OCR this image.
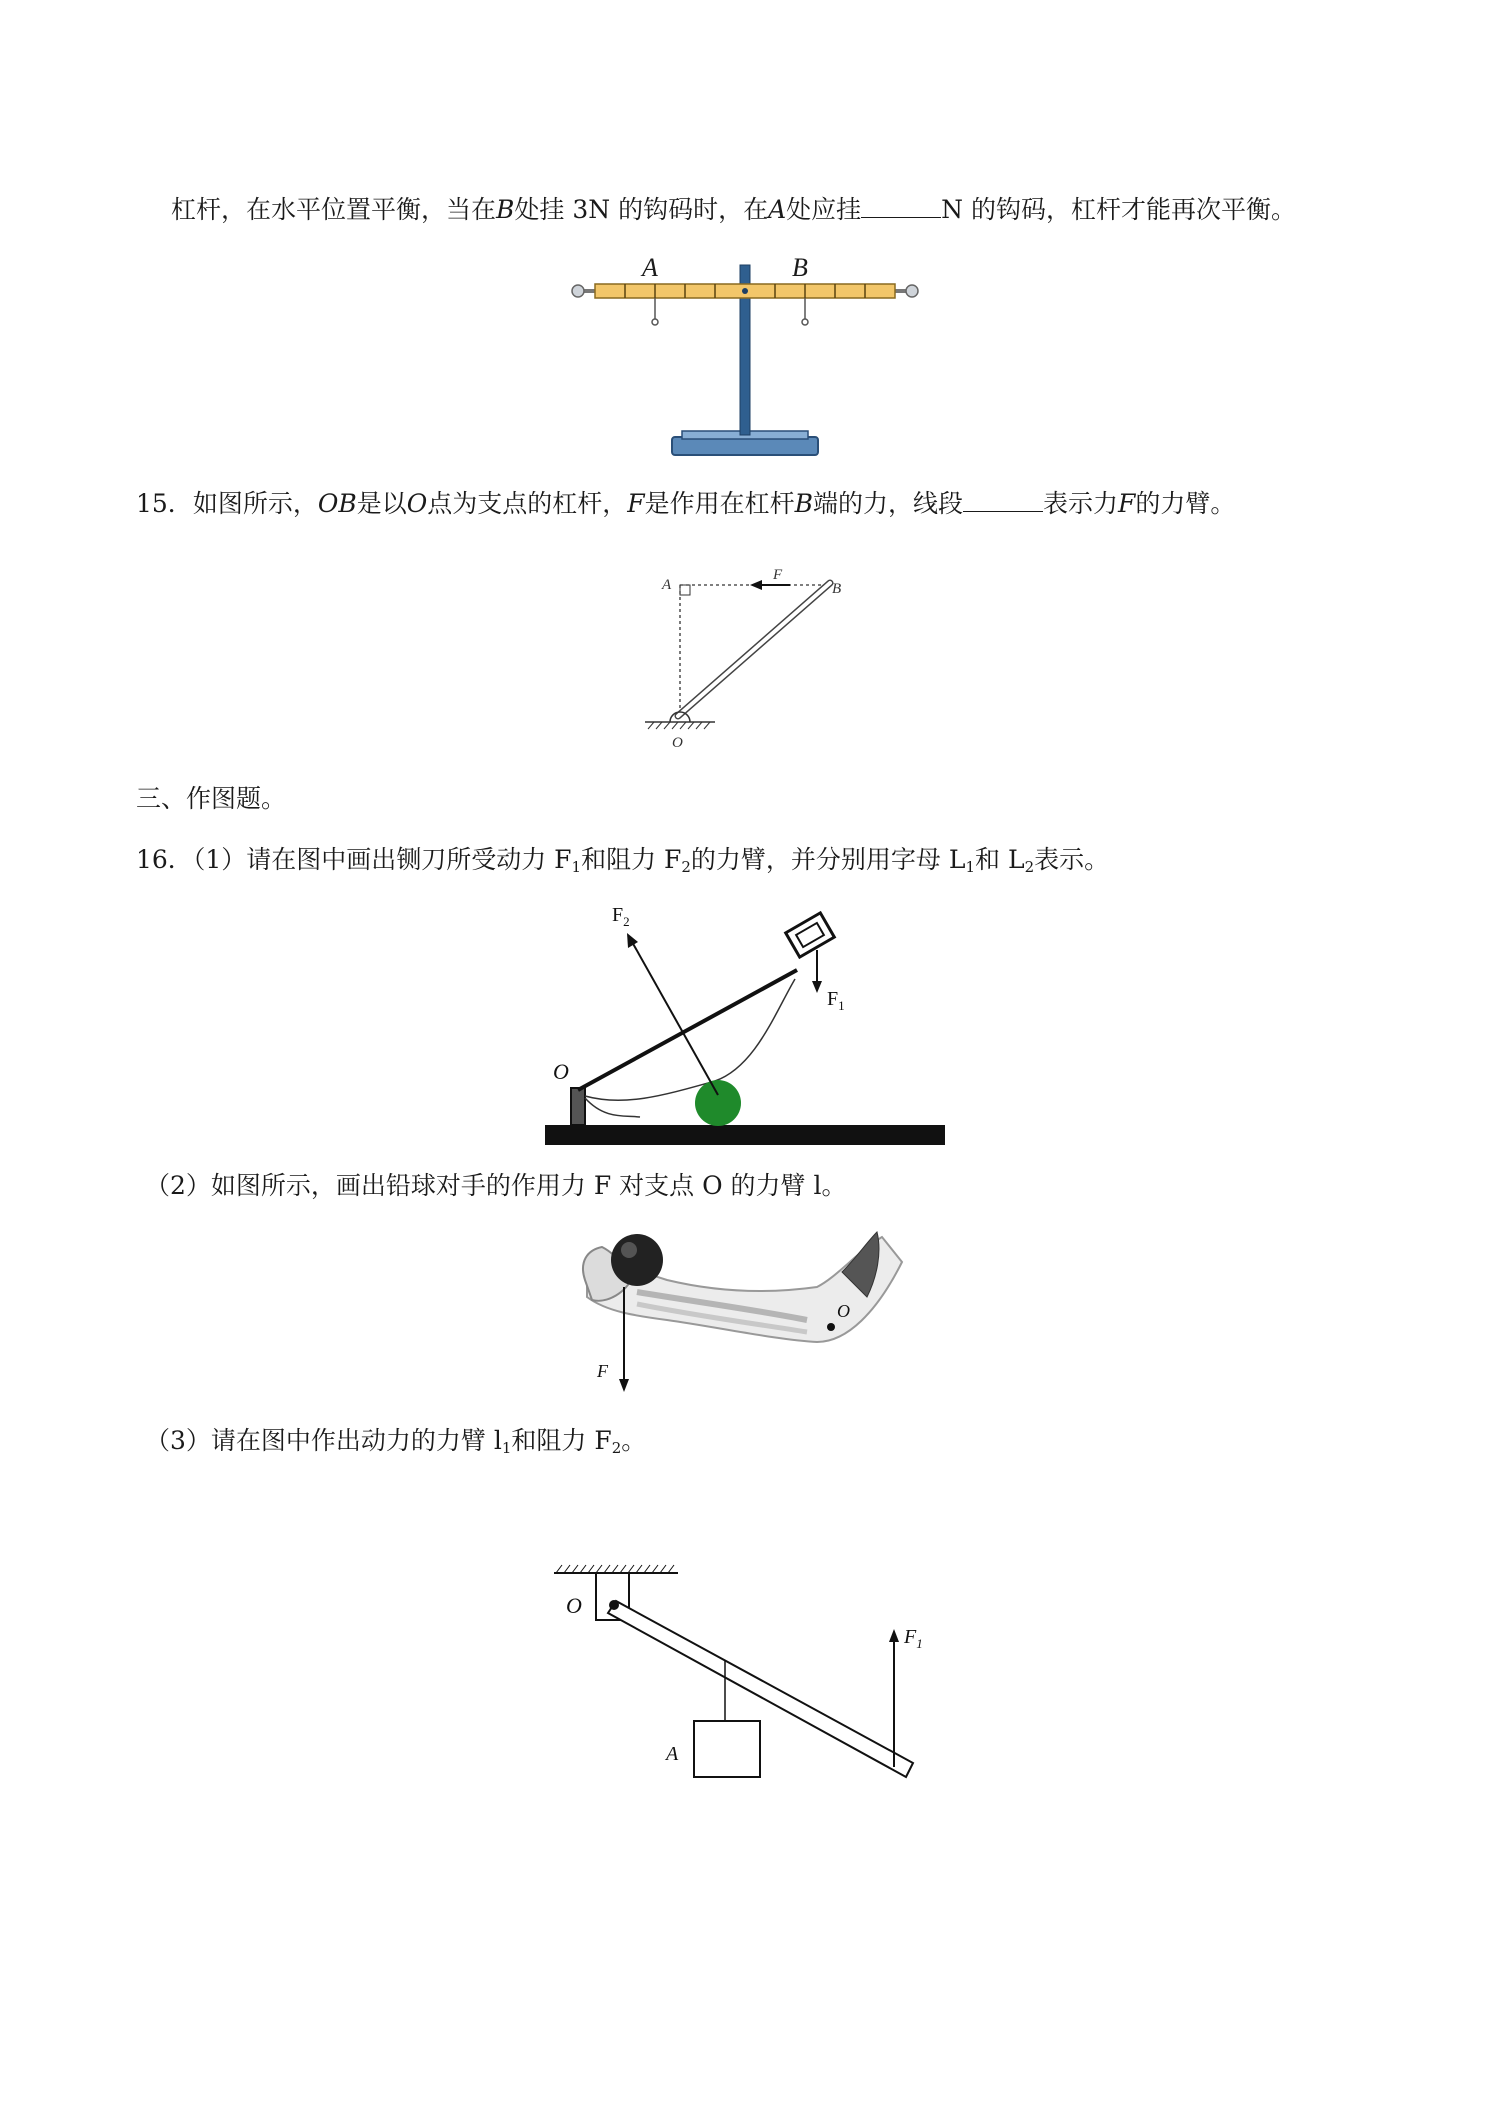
杠杆，在水平位置平衡，当在B处挂 3N 的钩码时，在A处应挂	N 的钩码，杠杆才能再次平衡。
A	B
15．如图所示，OB是以O点为支点的杠杆，F是作用在杠杆B端的力，线段	表示力F的力臂。
A
F
B
O
三、作图题。
16．（1）请在图中画出铡刀所受动力 $F_1$和阻力 $F_2$的力臂，并分别用字母 $L_1$和 $L_2$表示。
$F_2$
$F_1$
O
（2）如图所示，画出铅球对手的作用力 F 对支点 O 的力臂 l。
F
O
（3）请在图中作出动力的力臂 $l_1$和阻力 $F_2$。
O
$F_1$
A
